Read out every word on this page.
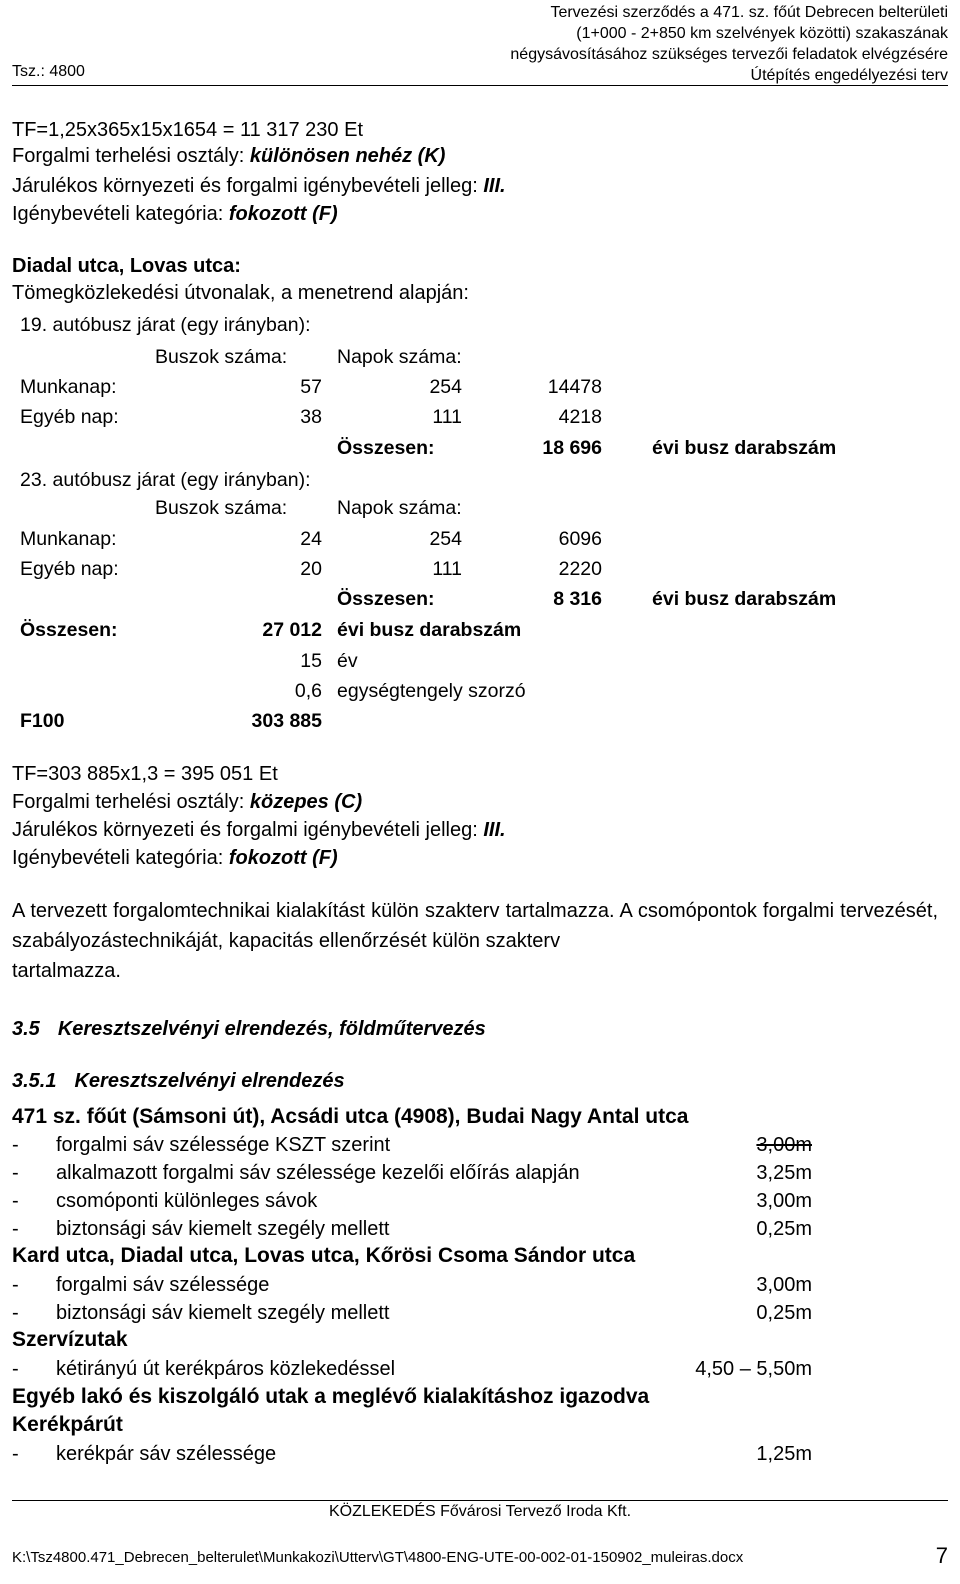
Tsz.: 4800
Tervezési szerződés a 471. sz. főút Debrecen belterületi
(1+000 - 2+850 km szelvények közötti) szakaszának
négysávosításához szükséges tervezői feladatok elvégzésére
Útépítés engedélyezési terv
TF=1,25x365x15x1654 = 11 317 230 Et
Forgalmi terhelési osztály: különösen nehéz (K)
Járulékos környezeti és forgalmi igénybevételi jelleg: III.
Igénybevételi kategória: fokozott (F)
Diadal utca, Lovas utca:
Tömegközlekedési útvonalak, a menetrend alapján:
19. autóbusz járat (egy irányban):
Buszok száma:	Napok száma:
Munkanap:	57	254	14478
Egyéb nap:	38	111	4218
Összesen:	18 696	évi busz darabszám
23. autóbusz járat (egy irányban):
Buszok száma:	Napok száma:
Munkanap:	24	254	6096
Egyéb nap:	20	111	2220
Összesen:	8 316	évi busz darabszám
Összesen:	27 012 évi busz darabszám
15 év
0,6 egységtengely szorzó
F100	303 885
TF=303 885x1,3 = 395 051 Et
Forgalmi terhelési osztály: közepes (C)
Járulékos környezeti és forgalmi igénybevételi jelleg: III.
Igénybevételi kategória: fokozott (F)
A tervezett forgalomtechnikai kialakítást külön szakterv tartalmazza. A csomópontok forgalmi tervezését, szabályozástechnikáját, kapacitás ellenőrzését külön szakterv
tartalmazza.
3.5 Keresztszelvényi elrendezés, földműtervezés
3.5.1 Keresztszelvényi elrendezés
471 sz. főút (Sámsoni út), Acsádi utca (4908), Budai Nagy Antal utca
- forgalmi sáv szélessége KSZT szerint	3,00m
- alkalmazott forgalmi sáv szélessége kezelői előírás alapján	3,25m
- csomóponti különleges sávok	3,00m
- biztonsági sáv kiemelt szegély mellett	0,25m
Kard utca, Diadal utca, Lovas utca, Kőrösi Csoma Sándor utca
- forgalmi sáv szélessége	3,00m
- biztonsági sáv kiemelt szegély mellett	0,25m
Szervízutak
- kétirányú út kerékpáros közlekedéssel	4,50 – 5,50m
Egyéb lakó és kiszolgáló utak a meglévő kialakításhoz igazodva
Kerékpárút
- kerékpár sáv szélessége	1,25m
KÖZLEKEDÉS Fővárosi Tervező Iroda Kft.
K:\Tsz4800.471_Debrecen_belterulet\Munkakozi\Utterv\GT\4800-ENG-UTE-00-002-01-150902_muleiras.docx	7
